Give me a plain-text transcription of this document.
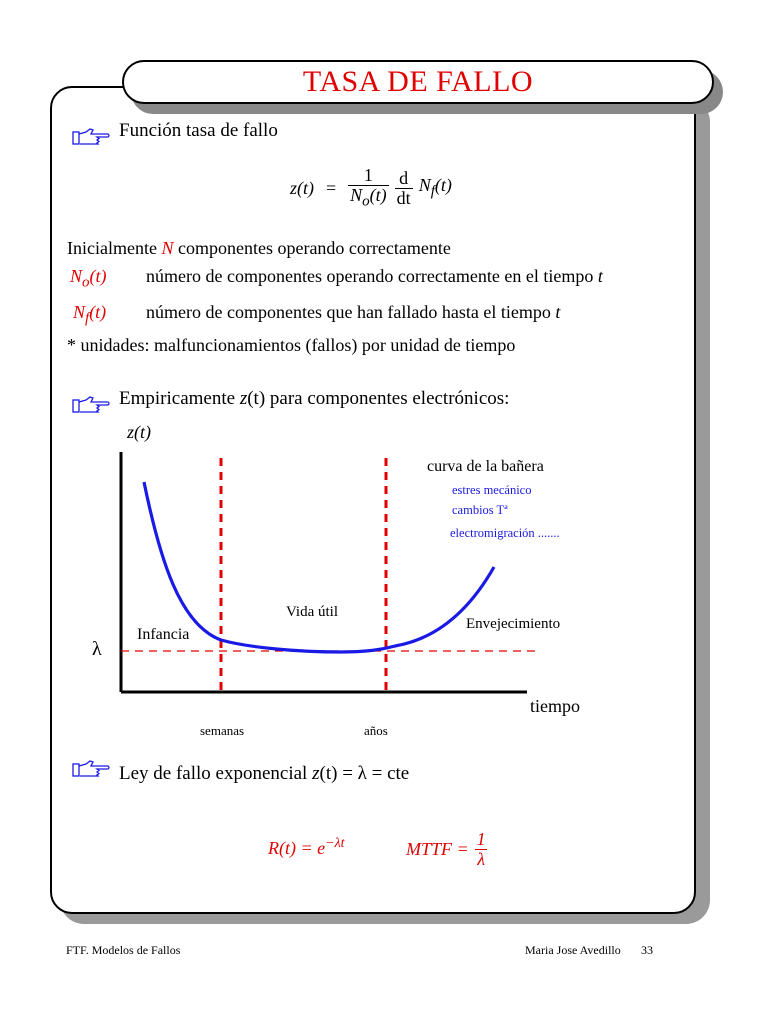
TASA DE FALLO
Función tasa de fallo
$z(t) = \frac{1}{N_o(t)} \frac{d}{dt} N_f(t)$
Inicialmente N componentes operando correctamente
$N_o(t)$ número de componentes operando correctamente en el tiempo t
$N_f(t)$ número de componentes que han fallado hasta el tiempo t
* unidades: malfuncionamientos (fallos) por unidad de tiempo
Empiricamente z(t) para componentes electrónicos:
z(t)
λ
tiempo
curva de la bañera
estres mecánico
cambios Tª
electromigración .......
Infancia
Vida útil
Envejecimiento
semanas	años
Ley de fallo exponencial z(t) = λ = cte
$R(t) = e^{-\lambda t}$	MTTF = $\frac{1}{\lambda}$
FTF. Modelos de Fallos	Maria Jose Avedillo 33
